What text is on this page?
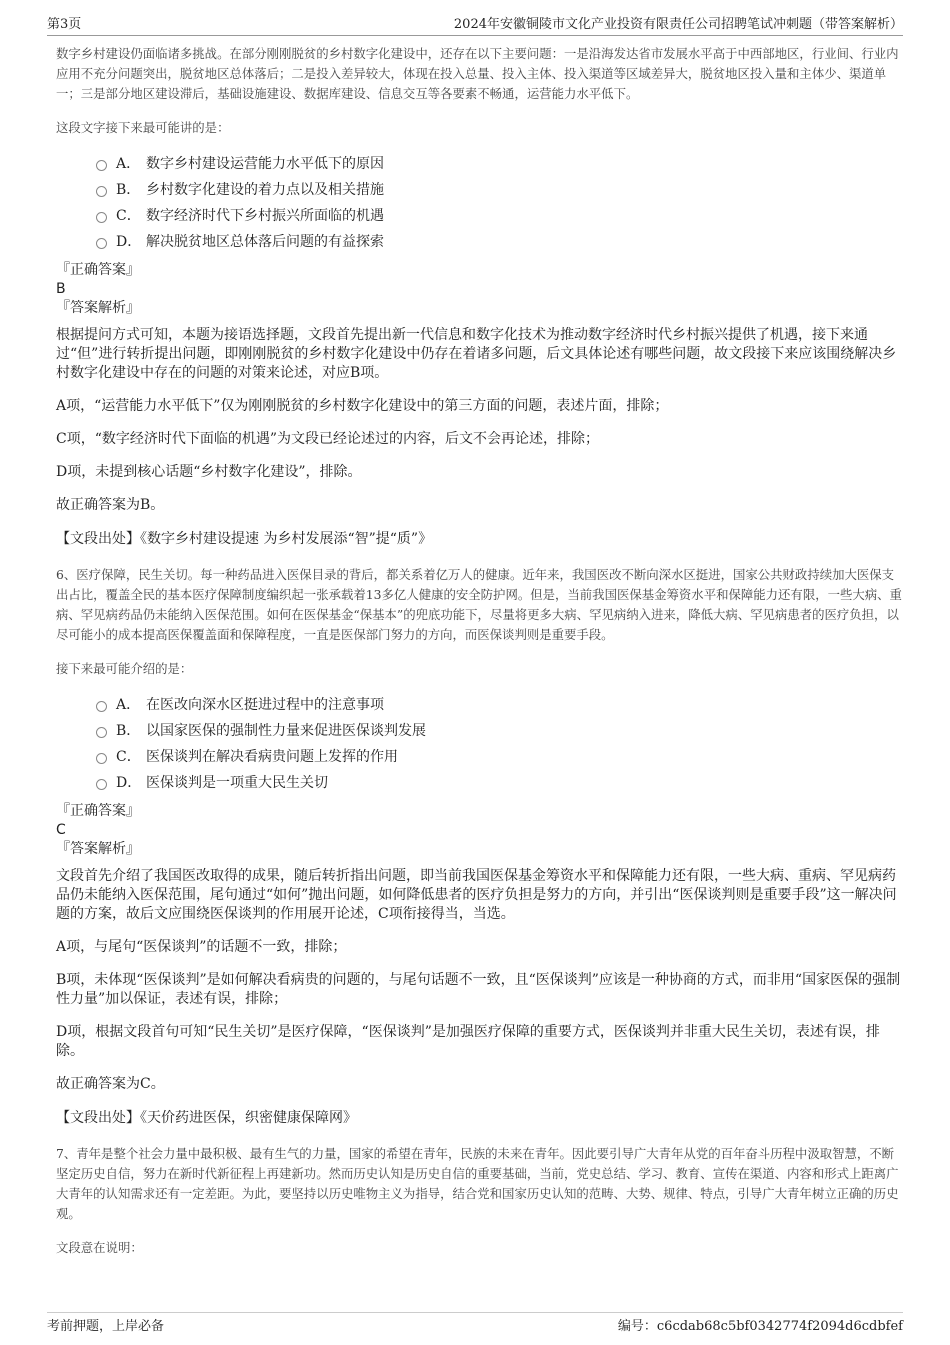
第3页	2024年安徽铜陵市文化产业投资有限责任公司招聘笔试冲刺题（带答案解析）

数字乡村建设仍面临诸多挑战。在部分刚刚脱贫的乡村数字化建设中，还存在以下主要问题：一是沿海发达省市发展水平高于中西部地区，行业间、行业内应用不充分问题突出，脱贫地区总体落后；二是投入差异较大，体现在投入总量、投入主体、投入渠道等区域差异大，脱贫地区投入量和主体少、渠道单一；三是部分地区建设滞后，基础设施建设、数据库建设、信息交互等各要素不畅通，运营能力水平低下。

这段文字接下来最可能讲的是：

A． 数字乡村建设运营能力水平低下的原因
B． 乡村数字化建设的着力点以及相关措施
C． 数字经济时代下乡村振兴所面临的机遇
D． 解决脱贫地区总体落后问题的有益探索

『正确答案』

B

『答案解析』

根据提问方式可知，本题为接语选择题，文段首先提出新一代信息和数字化技术为推动数字经济时代乡村振兴提供了机遇，接下来通过“但”进行转折提出问题，即刚刚脱贫的乡村数字化建设中仍存在着诸多问题，后文具体论述有哪些问题，故文段接下来应该围绕解决乡村数字化建设中存在的问题的对策来论述，对应B项。

A项，“运营能力水平低下”仅为刚刚脱贫的乡村数字化建设中的第三方面的问题，表述片面，排除；

C项，“数字经济时代下面临的机遇”为文段已经论述过的内容，后文不会再论述，排除；

D项，未提到核心话题“乡村数字化建设”，排除。

故正确答案为B。

【文段出处】《数字乡村建设提速 为乡村发展添“智”提“质”》

6、医疗保障，民生关切。每一种药品进入医保目录的背后，都关系着亿万人的健康。近年来，我国医改不断向深水区挺进，国家公共财政持续加大医保支出占比，覆盖全民的基本医疗保障制度编织起一张承载着13多亿人健康的安全防护网。但是，当前我国医保基金筹资水平和保障能力还有限，一些大病、重病、罕见病药品仍未能纳入医保范围。如何在医保基金“保基本”的兜底功能下，尽量将更多大病、罕见病纳入进来，降低大病、罕见病患者的医疗负担，以尽可能小的成本提高医保覆盖面和保障程度，一直是医保部门努力的方向，而医保谈判则是重要手段。

接下来最可能介绍的是：

A． 在医改向深水区挺进过程中的注意事项
B． 以国家医保的强制性力量来促进医保谈判发展
C． 医保谈判在解决看病贵问题上发挥的作用
D． 医保谈判是一项重大民生关切

『正确答案』

C

『答案解析』

文段首先介绍了我国医改取得的成果，随后转折指出问题，即当前我国医保基金筹资水平和保障能力还有限，一些大病、重病、罕见病药品仍未能纳入医保范围，尾句通过“如何”抛出问题，如何降低患者的医疗负担是努力的方向，并引出“医保谈判则是重要手段”这一解决问题的方案，故后文应围绕医保谈判的作用展开论述，C项衔接得当，当选。

A项，与尾句“医保谈判”的话题不一致，排除；

B项，未体现“医保谈判”是如何解决看病贵的问题的，与尾句话题不一致，且“医保谈判”应该是一种协商的方式，而非用“国家医保的强制性力量”加以保证，表述有误，排除；

D项，根据文段首句可知“民生关切”是医疗保障，“医保谈判”是加强医疗保障的重要方式，医保谈判并非重大民生关切，表述有误，排除。

故正确答案为C。

【文段出处】《天价药进医保，织密健康保障网》

7、青年是整个社会力量中最积极、最有生气的力量，国家的希望在青年，民族的未来在青年。因此要引导广大青年从党的百年奋斗历程中汲取智慧，不断坚定历史自信，努力在新时代新征程上再建新功。然而历史认知是历史自信的重要基础，当前，党史总结、学习、教育、宣传在渠道、内容和形式上距离广大青年的认知需求还有一定差距。为此，要坚持以历史唯物主义为指导，结合党和国家历史认知的范畴、大势、规律、特点，引导广大青年树立正确的历史观。

文段意在说明：

考前押题，上岸必备	编号：c6cdab68c5bf0342774f2094d6cdbfef
